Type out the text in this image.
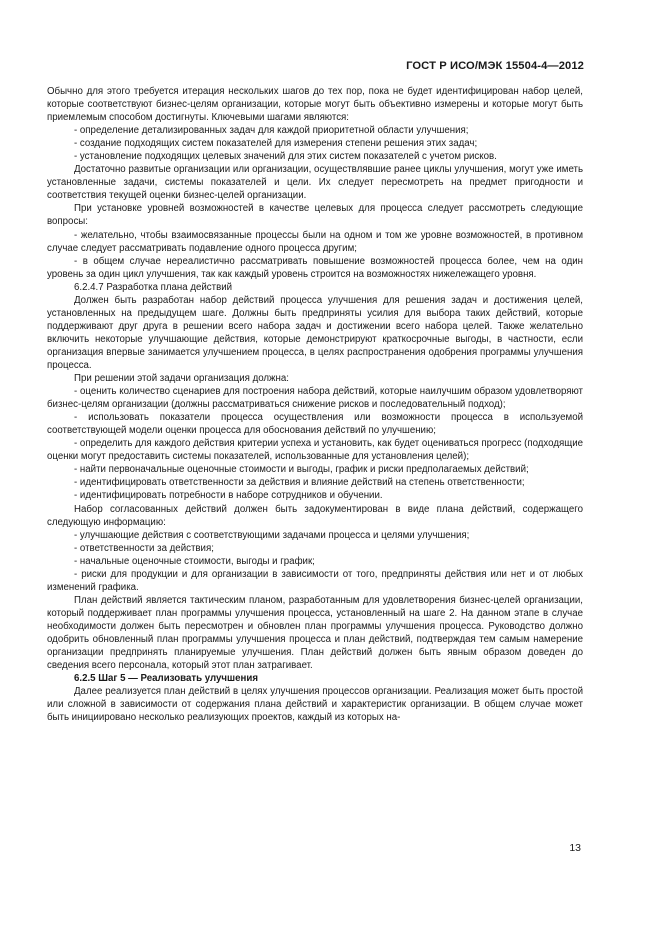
ГОСТ Р ИСО/МЭК 15504-4—2012

Обычно для этого требуется итерация нескольких шагов до тех пор, пока не будет идентифицирован набор целей, которые соответствуют бизнес-целям организации, которые могут быть объективно измерены и которые могут быть приемлемым способом достигнуты. Ключевыми шагами являются:

- определение детализированных задач для каждой приоритетной области улучшения;

- создание подходящих систем показателей для измерения степени решения этих задач;

- установление подходящих целевых значений для этих систем показателей с учетом рисков.

Достаточно развитые организации или организации, осуществлявшие ранее циклы улучшения, могут уже иметь установленные задачи, системы показателей и цели. Их следует пересмотреть на предмет пригодности и соответствия текущей оценки бизнес-целей организации.

При установке уровней возможностей в качестве целевых для процесса следует рассмотреть следующие вопросы:

- желательно, чтобы взаимосвязанные процессы были на одном и том же уровне возможностей, в противном случае следует рассматривать подавление одного процесса другим;

- в общем случае нереалистично рассматривать повышение возможностей процесса более, чем на один уровень за один цикл улучшения, так как каждый уровень строится на возможностях нижележащего уровня.

6.2.4.7 Разработка плана действий

Должен быть разработан набор действий процесса улучшения для решения задач и достижения целей, установленных на предыдущем шаге. Должны быть предприняты усилия для выбора таких действий, которые поддерживают друг друга в решении всего набора задач и достижении всего набора целей. Также желательно включить некоторые улучшающие действия, которые демонстрируют краткосрочные выгоды, в частности, если организация впервые занимается улучшением процесса, в целях распространения одобрения программы улучшения процесса.

При решении этой задачи организация должна:

- оценить количество сценариев для построения набора действий, которые наилучшим образом удовлетворяют бизнес-целям организации (должны рассматриваться снижение рисков и последовательный подход);

- использовать показатели процесса осуществления или возможности процесса в используемой соответствующей модели оценки процесса для обоснования действий по улучшению;

- определить для каждого действия критерии успеха и установить, как будет оцениваться прогресс (подходящие оценки могут предоставить системы показателей, использованные для установления целей);

- найти первоначальные оценочные стоимости и выгоды, график и риски предполагаемых действий;

- идентифицировать ответственности за действия и влияние действий на степень ответственности;

- идентифицировать потребности в наборе сотрудников и обучении.

Набор согласованных действий должен быть задокументирован в виде плана действий, содержащего следующую информацию:

- улучшающие действия с соответствующими задачами процесса и целями улучшения;

- ответственности за действия;

- начальные оценочные стоимости, выгоды и график;

- риски для продукции и для организации в зависимости от того, предприняты действия или нет и от любых изменений графика.

План действий является тактическим планом, разработанным для удовлетворения бизнес-целей организации, который поддерживает план программы улучшения процесса, установленный на шаге 2. На данном этапе в случае необходимости должен быть пересмотрен и обновлен план программы улучшения процесса. Руководство должно одобрить обновленный план программы улучшения процесса и план действий, подтверждая тем самым намерение организации предпринять планируемые улучшения. План действий должен быть явным образом доведен до сведения всего персонала, который этот план затрагивает.

6.2.5 Шаг 5 — Реализовать улучшения

Далее реализуется план действий в целях улучшения процессов организации. Реализация может быть простой или сложной в зависимости от содержания плана действий и характеристик организации. В общем случае может быть инициировано несколько реализующих проектов, каждый из которых на-

13
